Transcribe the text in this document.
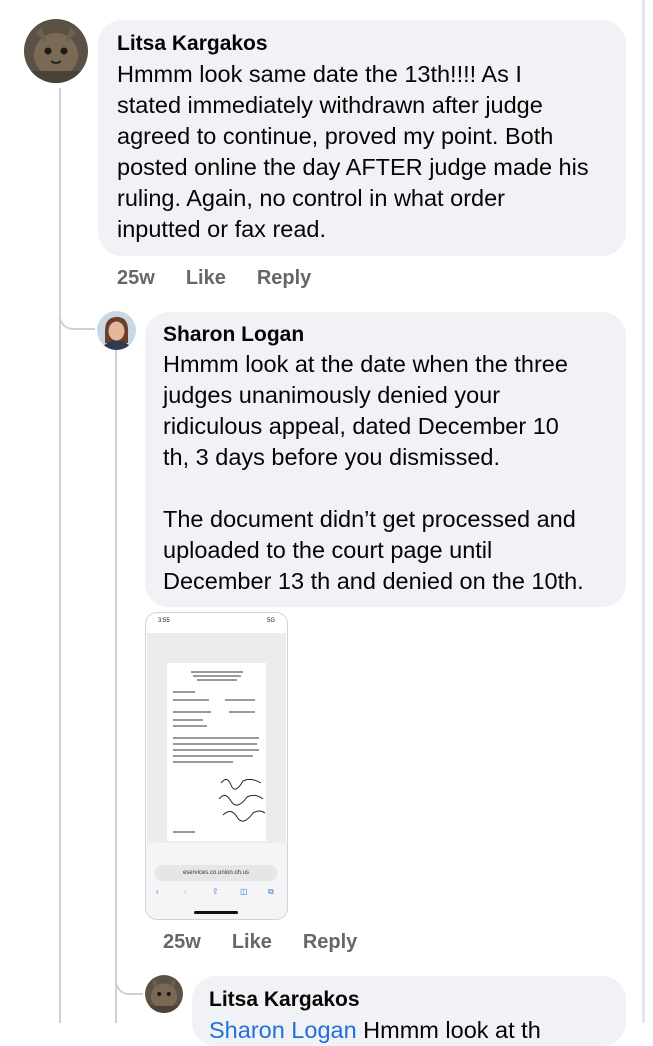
Litsa Kargakos
Hmmm look same date the 13th!!!! As I
stated immediately withdrawn after judge
agreed to continue, proved my point. Both
posted online the day AFTER judge made his
ruling. Again, no control in what order
inputted or fax read.
25w Like Reply
Sharon Logan
Hmmm look at the date when the three
judges unanimously denied your
ridiculous appeal, dated December 10
th, 3 days before you dismissed.

The document didn’t get processed and
uploaded to the court page until
December 13 th and denied on the 10th.
3:55	5G
eservices.co.union.oh.us
‹	›	⇪	◫	⧉
25w Like Reply
Litsa Kargakos
Sharon Logan Hmmm look at th
